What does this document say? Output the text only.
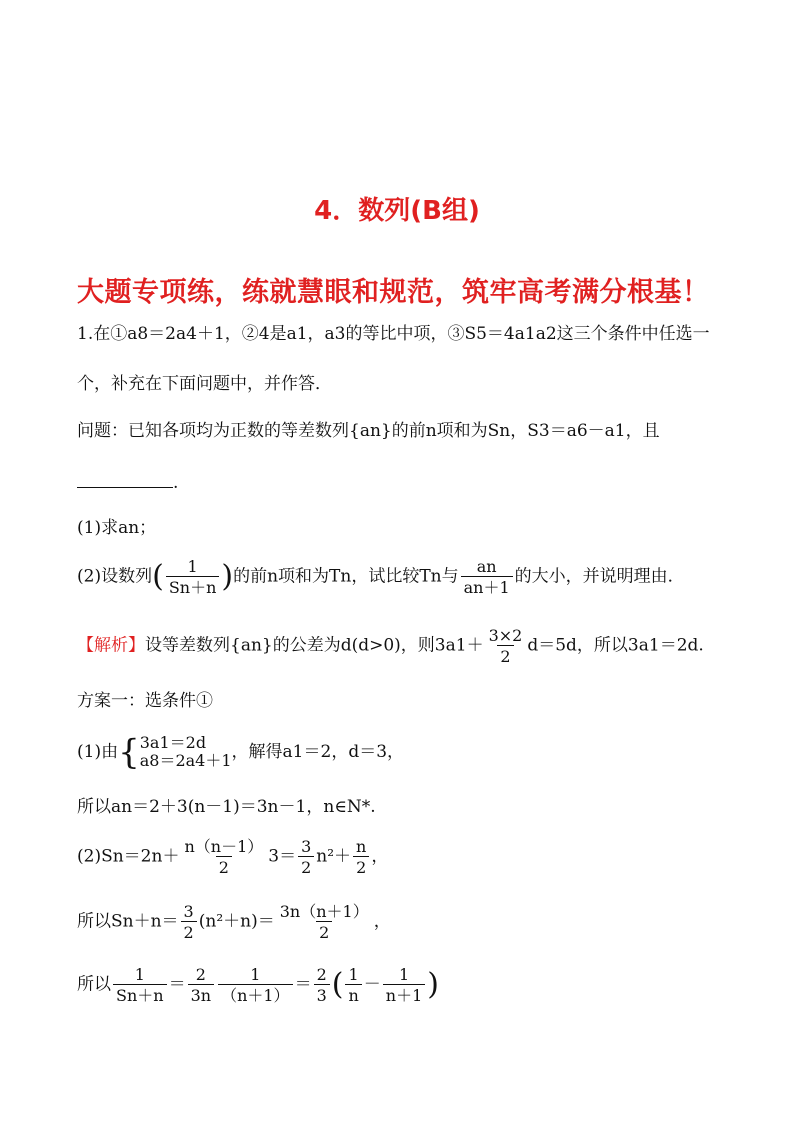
4．数列(B组)
大题专项练，练就慧眼和规范，筑牢高考满分根基！
1.在①a8＝2a4＋1，②4是a1，a3的等比中项，③S5＝4a1a2这三个条件中任选一
个，补充在下面问题中，并作答．
问题：已知各项均为正数的等差数列{an}的前n项和为Sn，S3＝a6－a1，且
.
(1)求an；
(2)设数列( $\frac{1}{Sn+n}$ )的前n项和为Tn，试比较Tn与 $\frac{an}{an+1}$ 的大小，并说明理由．
【解析】设等差数列{an}的公差为d(d>0)，则$3a1+ \frac{3\times 2}{2} d=5d$，所以3a1＝2d.
方案一：选条件①
(1)由{ 3a1＝2d
a8＝2a4＋1 ，解得a1＝2，d＝3，
所以an＝2＋3(n－1)＝3n－1，n∈N*.
$(2)Sn=2n+ \frac{n(n-1)}{2} 3= \frac{3}{2} n^2+ \frac{n}{2}$ ，
所以$Sn+n= \frac{3}{2} (n^2+n)= \frac{3n(n+1)}{2}$ ，
所以 $\frac{1}{Sn+n} = \frac{2}{3n} \frac{1}{(n+1)} = \frac{2}{3}$ ( $\frac{1}{n} - \frac{1}{n+1}$ )
